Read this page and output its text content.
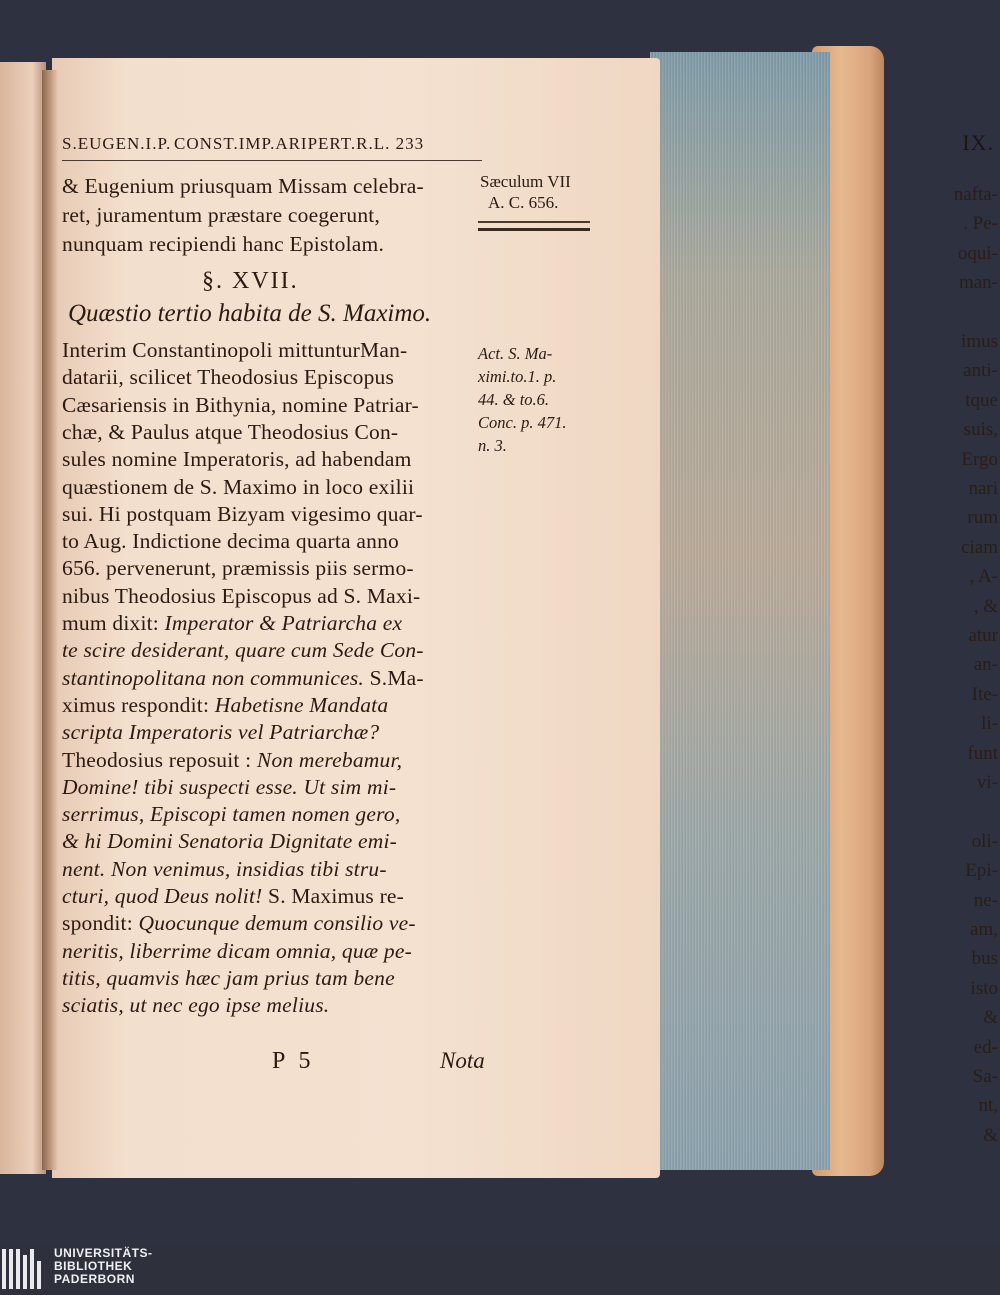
IX.
nafta-
. Pe-
oqui-
man-

imus
anti-
tque
suis,
Ergo
nari
rum
ciam
, A-
, &
atur
an-
Ite-
li-
funt
vi-

oli-
Epi-
ne-
am,
bus
isto
&
ed-
Sa-
nt,
&
S.EUGEN.I.P. CONST.IMP.ARIPERT.R.L. 233
Sæculum VII
A. C. 656.
& Eugenium priusquam Missam celebra-
ret, juramentum præstare coegerunt,
nunquam recipiendi hanc Epistolam.
§. XVII.
Quæstio tertio habita de S. Maximo.
Interim Constantinopoli mittunturMan-
datarii, scilicet Theodosius Episcopus
Cæsariensis in Bithynia, nomine Patriar-
chæ, & Paulus atque Theodosius Con-
sules nomine Imperatoris, ad habendam
quæstionem de S. Maximo in loco exilii
sui. Hi postquam Bizyam vigesimo quar-
to Aug. Indictione decima quarta anno
656. pervenerunt, præmissis piis sermo-
nibus Theodosius Episcopus ad S. Maxi-
mum dixit: Imperator & Patriarcha ex
te scire desiderant, quare cum Sede Con-
stantinopolitana non communices. S.Ma-
ximus respondit: Habetisne Mandata
scripta Imperatoris vel Patriarchæ?
Theodosius reposuit : Non merebamur,
Domine! tibi suspecti esse. Ut sim mi-
serrimus, Episcopi tamen nomen gero,
& hi Domini Senatoria Dignitate emi-
nent. Non venimus, insidias tibi stru-
cturi, quod Deus nolit! S. Maximus re-
spondit: Quocunque demum consilio ve-
neritis, liberrime dicam omnia, quæ pe-
titis, quamvis hæc jam prius tam bene
sciatis, ut nec ego ipse melius.
Act. S. Ma-
ximi.to.1. p.
44. & to.6.
Conc. p. 471.
n. 3.
P 5	Nota
UNIVERSITÄTS-
BIBLIOTHEK
PADERBORN
